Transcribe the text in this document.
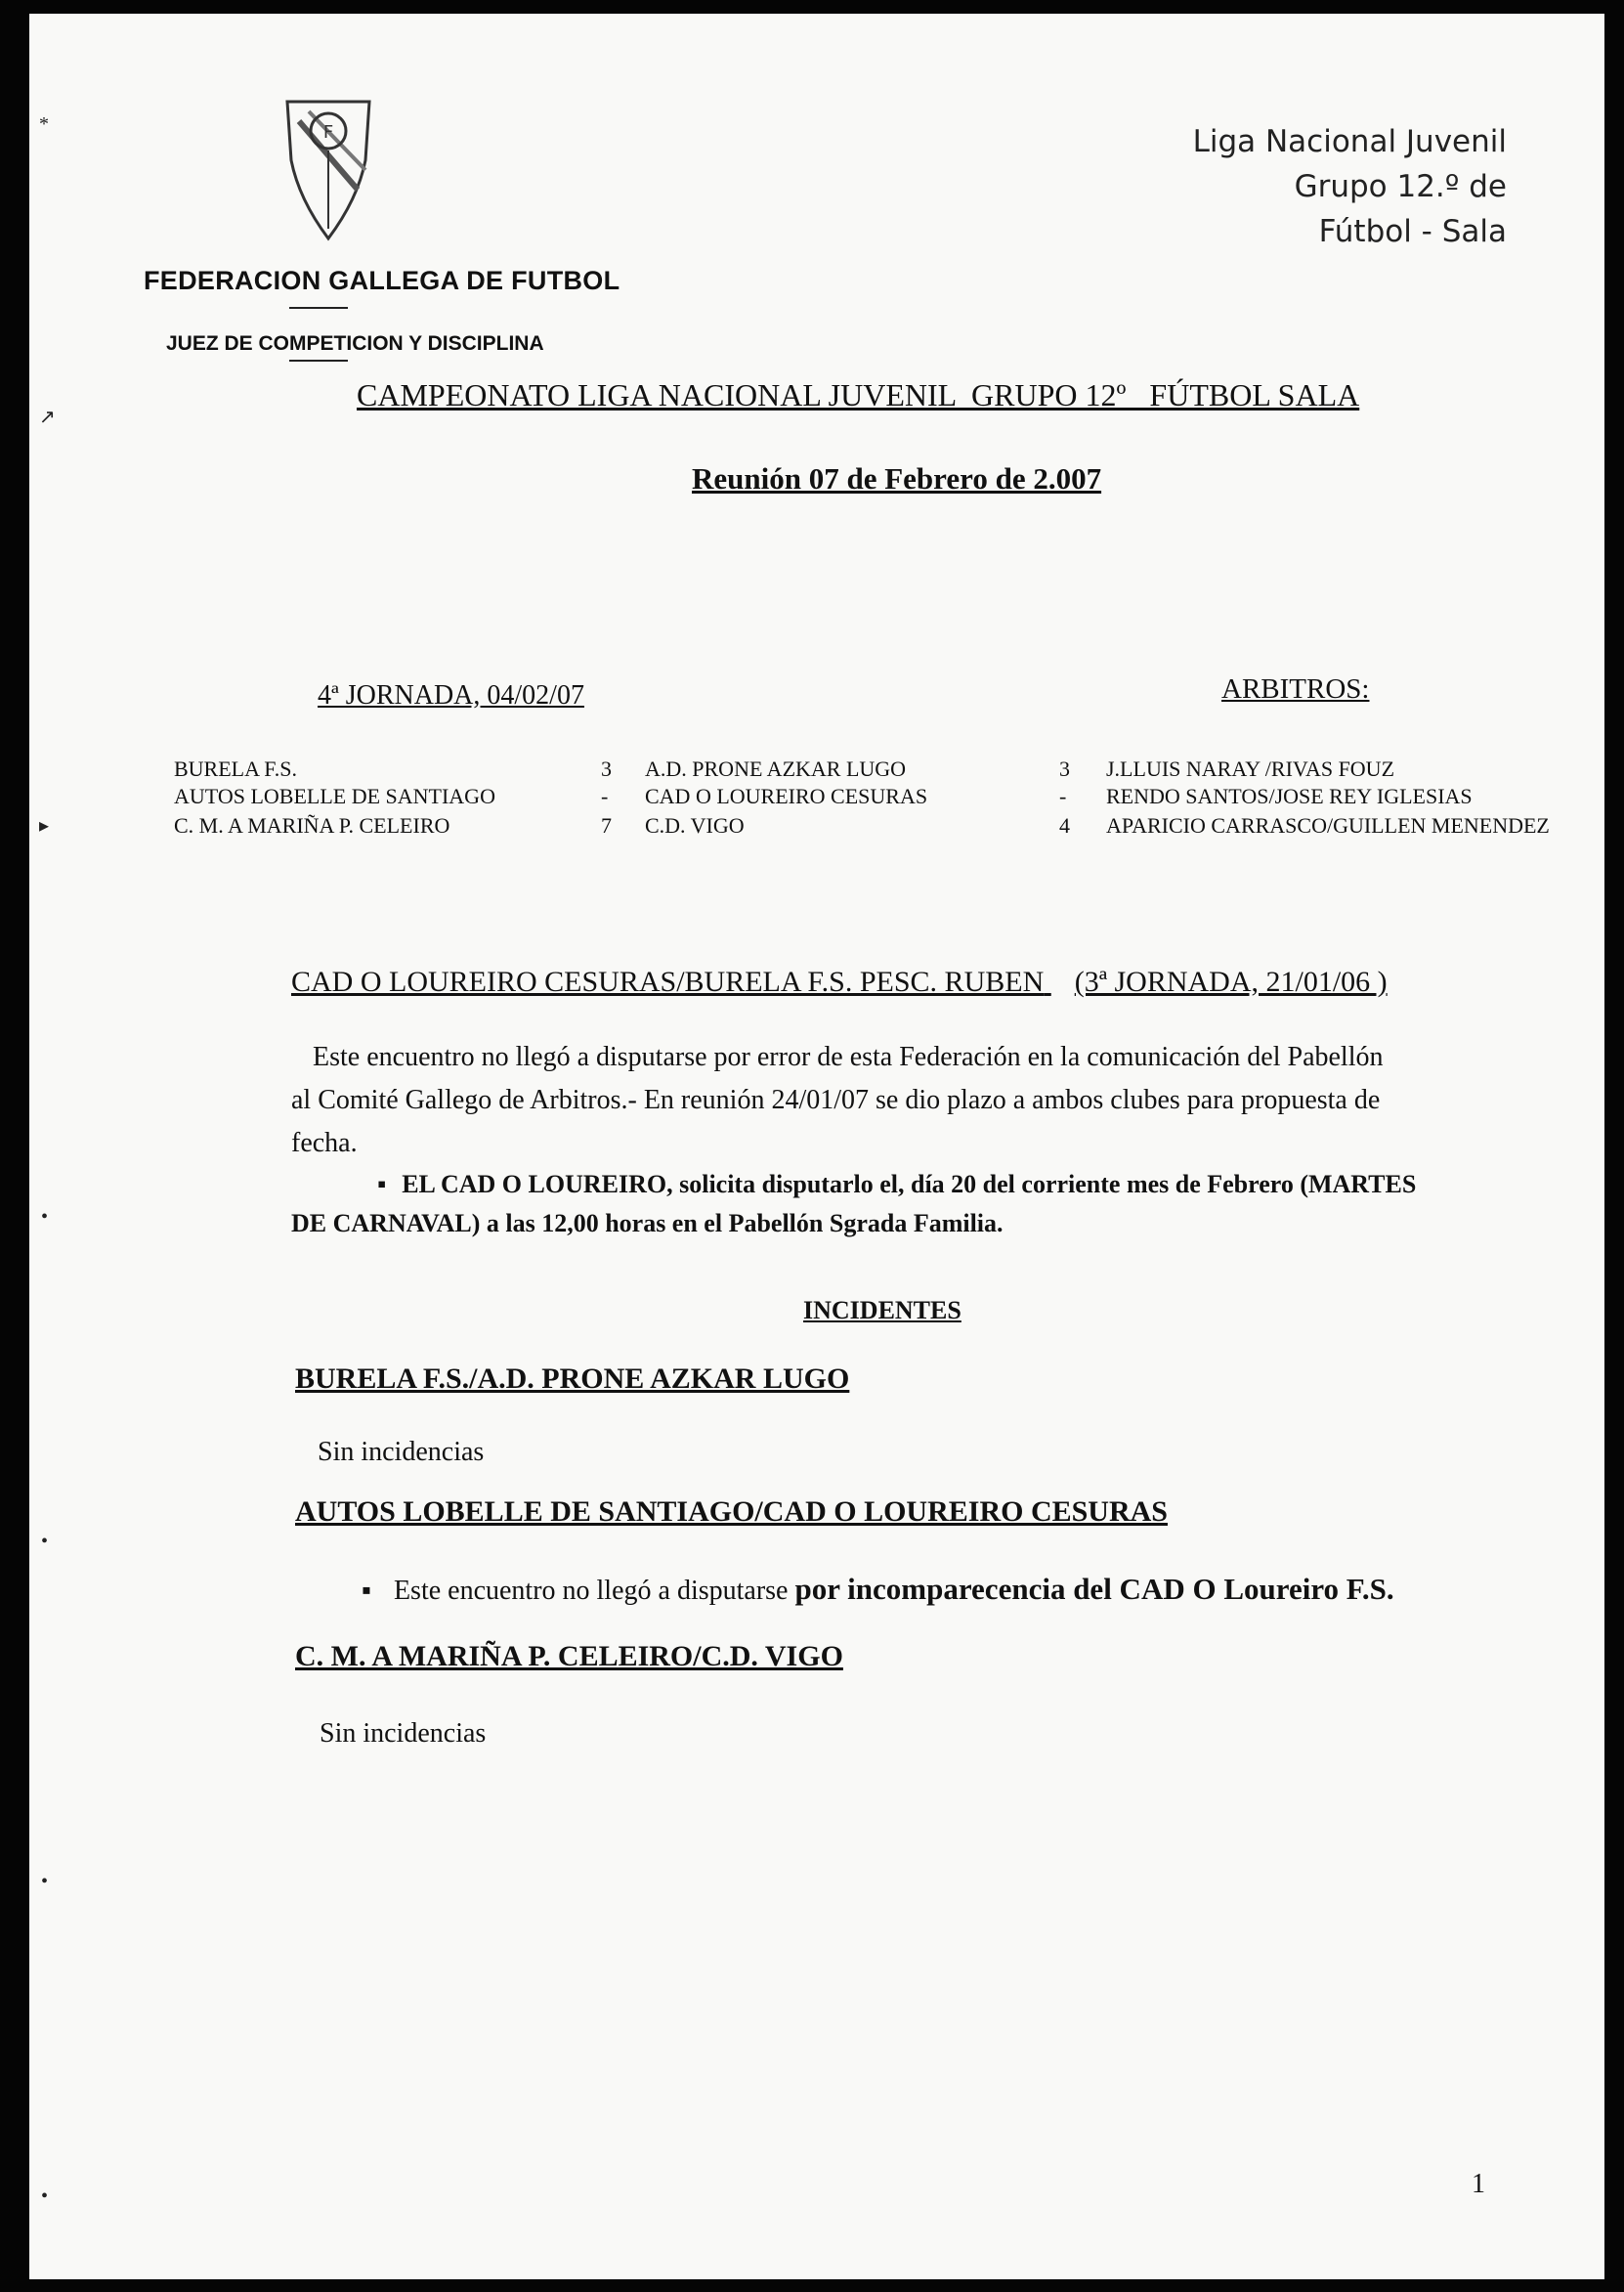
F	Liga Nacional Juvenil
Grupo 12.º de
Fútbol - Sala
FEDERACION GALLEGA DE FUTBOL
JUEZ DE COMPETICION Y DISCIPLINA
CAMPEONATO LIGA NACIONAL JUVENIL  GRUPO 12º   FÚTBOL SALA
Reunión 07 de Febrero de 2.007
4ª JORNADA, 04/02/07	ARBITROS:
BURELA F.S.	3 A.D. PRONE AZKAR LUGO	3 J.LLUIS NARAY /RIVAS FOUZ
AUTOS LOBELLE DE SANTIAGO	- CAD O LOUREIRO CESURAS	- RENDO SANTOS/JOSE REY IGLESIAS
C. M. A MARIÑA P. CELEIRO	7 C.D. VIGO	4 APARICIO CARRASCO/GUILLEN MENENDEZ
CAD O LOUREIRO CESURAS/BURELA F.S. PESC. RUBEN (3ª JORNADA, 21/01/06 )
Este encuentro no llegó a disputarse por error de esta Federación en la comunicación del Pabellón
al Comité Gallego de Arbitros.- En reunión 24/01/07 se dio plazo a ambos clubes para propuesta de
fecha.
▪ EL CAD O LOUREIRO, solicita disputarlo el, día 20 del corriente mes de Febrero (MARTES
DE CARNAVAL) a las 12,00 horas en el Pabellón Sgrada Familia.
INCIDENTES
BURELA F.S./A.D. PRONE AZKAR LUGO
Sin incidencias
AUTOS LOBELLE DE SANTIAGO/CAD O LOUREIRO CESURAS
▪ Este encuentro no llegó a disputarse por incomparecencia del CAD O Loureiro F.S.
C. M. A MARIÑA P. CELEIRO/C.D. VIGO
Sin incidencias
1
*
↗
▸
•
•
•
•
